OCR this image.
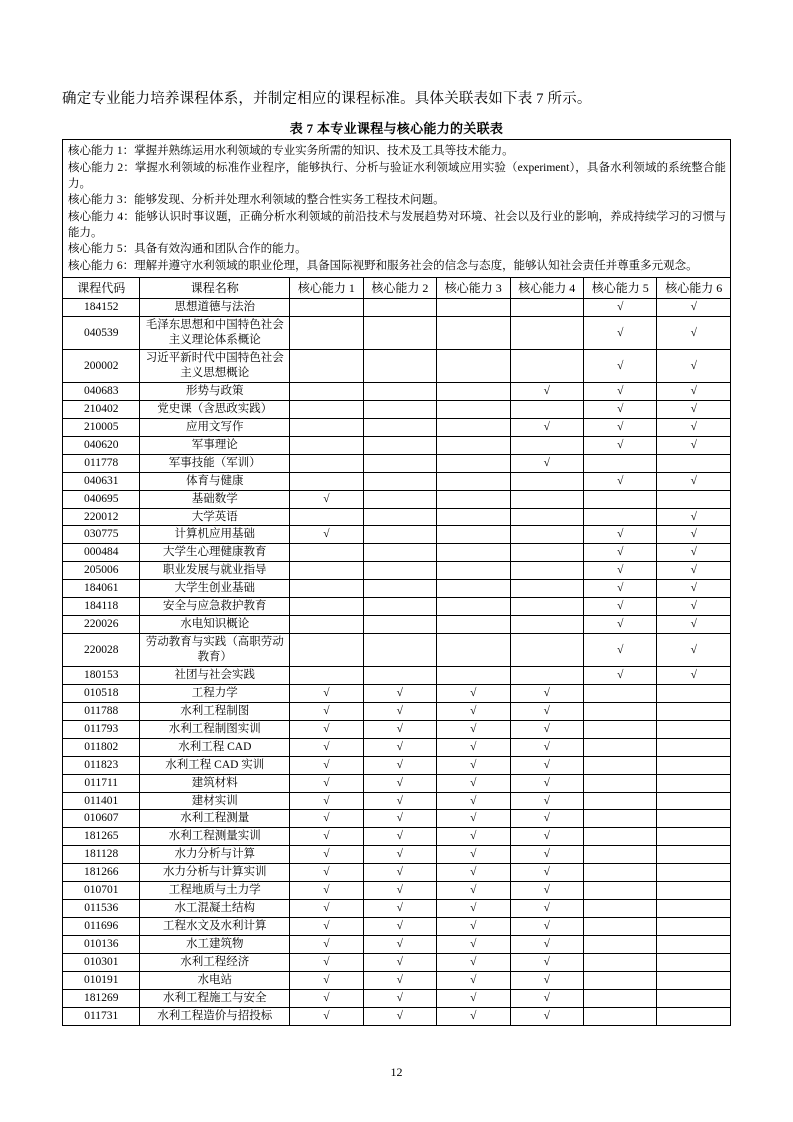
确定专业能力培养课程体系，并制定相应的课程标准。具体关联表如下表 7 所示。

表 7 本专业课程与核心能力的关联表

核心能力 1：掌握并熟练运用水利领域的专业实务所需的知识、技术及工具等技术能力。

核心能力 2：掌握水利领域的标准作业程序，能够执行、分析与验证水利领域应用实验（experiment），具备水利领域的系统整合能力。

核心能力 3：能够发现、分析并处理水利领域的整合性实务工程技术问题。

核心能力 4：能够认识时事议题，正确分析水利领域的前沿技术与发展趋势对环境、社会以及行业的影响，养成持续学习的习惯与能力。

核心能力 5：具备有效沟通和团队合作的能力。

核心能力 6：理解并遵守水利领域的职业伦理，具备国际视野和服务社会的信念与态度，能够认知社会责任并尊重多元观念。

课程代码	课程名称	核心能力 1	核心能力 2	核心能力 3	核心能力 4	核心能力 5	核心能力 6
184152	思想道德与法治					√	√
040539	毛泽东思想和中国特色社会主义理论体系概论					√	√
200002	习近平新时代中国特色社会主义思想概论					√	√
040683	形势与政策				√	√	√
210402	党史课（含思政实践）					√	√
210005	应用文写作				√	√	√
040620	军事理论					√	√
011778	军事技能（军训）				√		
040631	体育与健康					√	√
040695	基础数学	√					
220012	大学英语						√
030775	计算机应用基础	√				√	√
000484	大学生心理健康教育					√	√
205006	职业发展与就业指导					√	√
184061	大学生创业基础					√	√
184118	安全与应急救护教育					√	√
220026	水电知识概论					√	√
220028	劳动教育与实践（高职劳动教育）					√	√
180153	社团与社会实践					√	√
010518	工程力学	√	√	√	√		
011788	水利工程制图	√	√	√	√		
011793	水利工程制图实训	√	√	√	√		
011802	水利工程 CAD	√	√	√	√		
011823	水利工程 CAD 实训	√	√	√	√		
011711	建筑材料	√	√	√	√		
011401	建材实训	√	√	√	√		
010607	水利工程测量	√	√	√	√		
181265	水利工程测量实训	√	√	√	√		
181128	水力分析与计算	√	√	√	√		
181266	水力分析与计算实训	√	√	√	√		
010701	工程地质与土力学	√	√	√	√		
011536	水工混凝土结构	√	√	√	√		
011696	工程水文及水利计算	√	√	√	√		
010136	水工建筑物	√	√	√	√		
010301	水利工程经济	√	√	√	√		
010191	水电站	√	√	√	√		
181269	水利工程施工与安全	√	√	√	√		
011731	水利工程造价与招投标	√	√	√	√		
12
